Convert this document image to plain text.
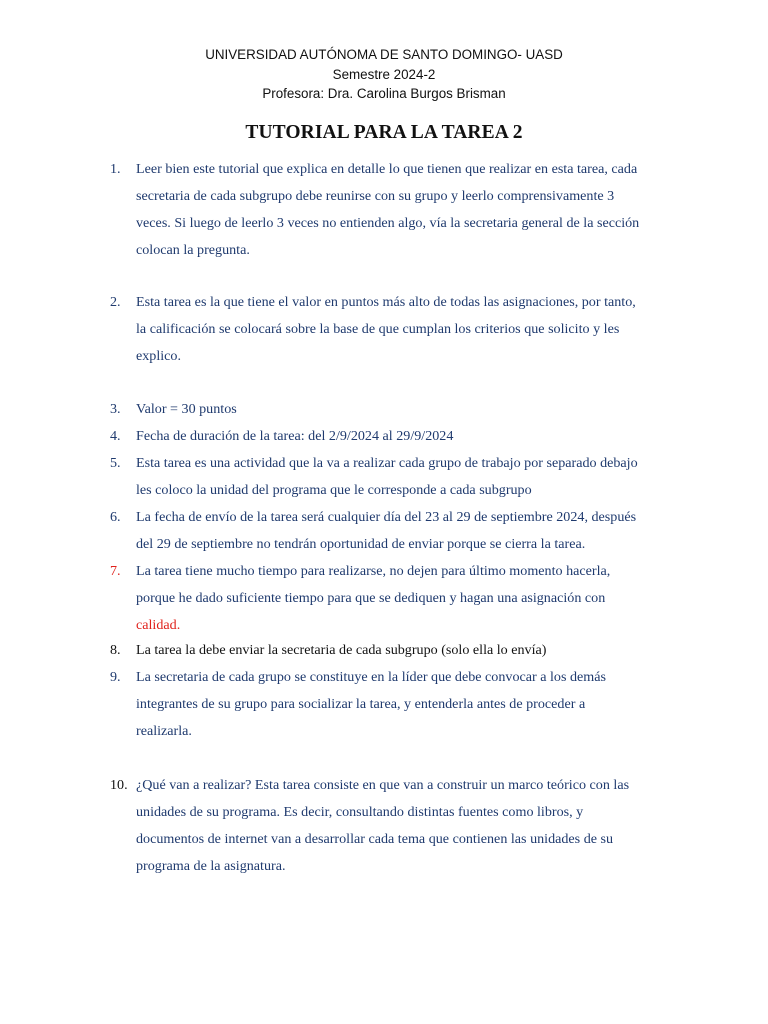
UNIVERSIDAD AUTÓNOMA DE SANTO DOMINGO- UASD
Semestre 2024-2
Profesora: Dra. Carolina Burgos Brisman
TUTORIAL PARA LA TAREA 2
1.	Leer bien este tutorial que explica en detalle lo que tienen que realizar en esta tarea, cada
secretaria de cada subgrupo debe reunirse con su grupo y leerlo comprensivamente 3
veces. Si luego de leerlo 3 veces no entienden algo, vía la secretaria general de la sección
colocan la pregunta.
2.	Esta tarea es la que tiene el valor en puntos más alto de todas las asignaciones, por tanto,
la calificación se colocará sobre la base de que cumplan los criterios que solicito y les
explico.
3.	Valor = 30 puntos
4.	Fecha de duración de la tarea: del 2/9/2024 al 29/9/2024
5.	Esta tarea es una actividad que la va a realizar cada grupo de trabajo por separado debajo
les coloco la unidad del programa que le corresponde a cada subgrupo
6.	La fecha de envío de la tarea será cualquier día del 23 al 29 de septiembre 2024, después
del 29 de septiembre no tendrán oportunidad de enviar porque se cierra la tarea.
7.	La tarea tiene mucho tiempo para realizarse, no dejen para último momento hacerla,
porque he dado suficiente tiempo para que se dediquen y hagan una asignación con
calidad.
8.	La tarea la debe enviar la secretaria de cada subgrupo (solo ella lo envía)
9.	La secretaria de cada grupo se constituye en la líder que debe convocar a los demás
integrantes de su grupo para socializar la tarea, y entenderla antes de proceder a
realizarla.
10. ¿Qué van a realizar? Esta tarea consiste en que van a construir un marco teórico con las
unidades de su programa. Es decir, consultando distintas fuentes como libros, y
documentos de internet van a desarrollar cada tema que contienen las unidades de su
programa de la asignatura.
